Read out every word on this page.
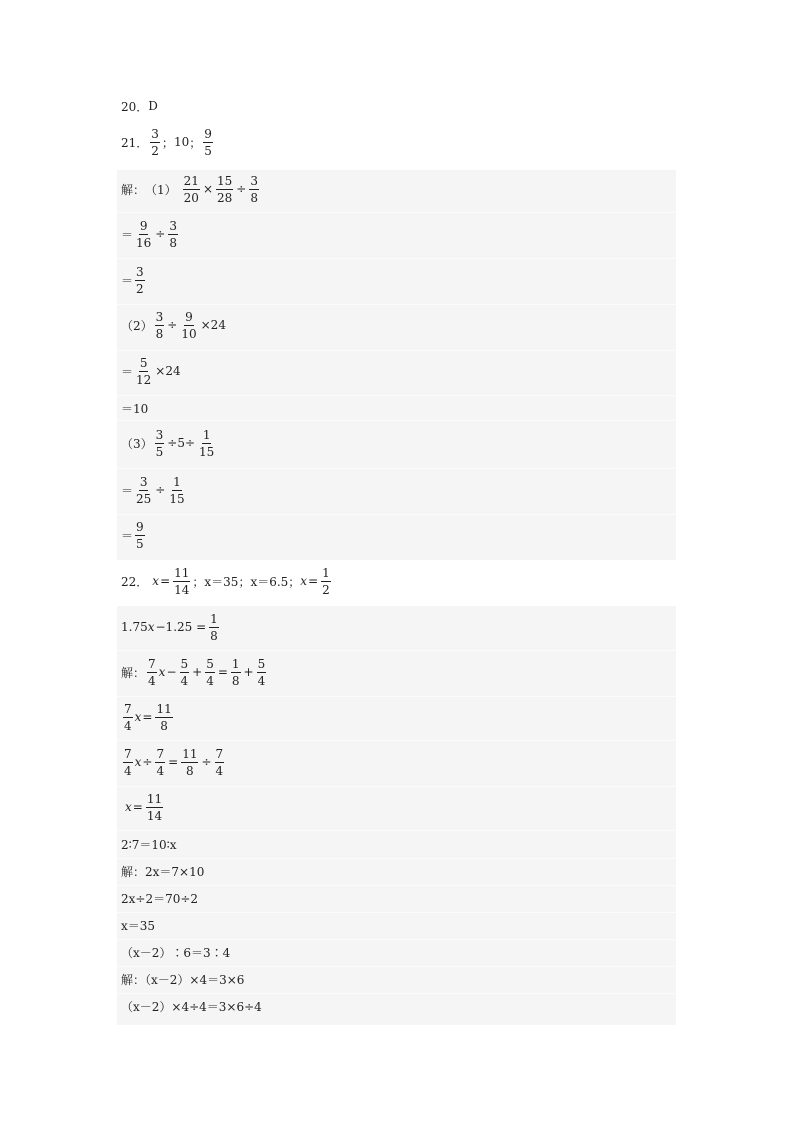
20． D
21． $\frac{3}{2}$ ； 10 ； $\frac{9}{5}$
解： $(1) \frac{21}{20} \times \frac{15}{28} \div \frac{3}{8}$
＝ $\frac{9}{16} \div \frac{3}{8}$
＝ $\frac{3}{2}$
$(2) \frac{3}{8} \div \frac{9}{10} \times 24$
＝ $\frac{5}{12} \times 24$
＝10
$(3) \frac{3}{5} \div 5\div \frac{1}{15}$
＝ $\frac{3}{25} \div \frac{1}{15}$
＝ $\frac{9}{5}$
22． $x = \frac{11}{14}$ ；x＝35；x＝6.5； $x = \frac{1}{2}$
1.75 $x -1.25 = \frac{1}{8}$
解： $\frac{7}{4}$ $x - \frac{5}{4} + \frac{5}{4} = \frac{1}{8} + \frac{5}{4}$
$\frac{7}{4}$ $x = \frac{11}{8}$
$\frac{7}{4}$ $x \div \frac{7}{4} = \frac{11}{8} \div \frac{7}{4}$
$x = \frac{11}{14}$
2∶7＝10∶x
解：2x＝7×10
2x÷2＝70÷2
x＝35
（x－2）∶6＝3∶4
解：（x－2）×4＝3×6
（x－2）×4÷4＝3×6÷4
